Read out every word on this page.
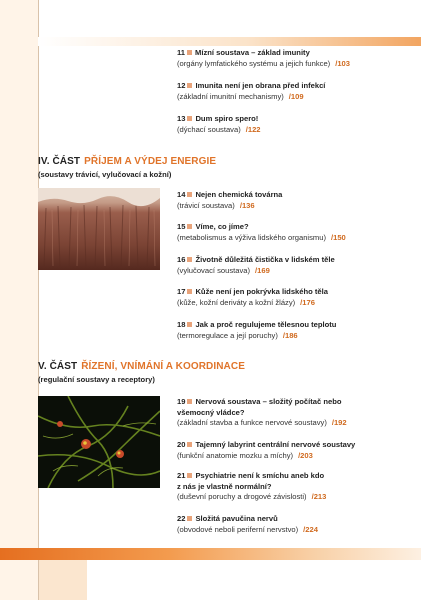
11 Mízní soustava – základ imunity
(orgány lymfatického systému a jejich funkce) /103
12 Imunita není jen obrana před infekcí
(základní imunitní mechanismy) /109
13 Dum spiro spero!
(dýchací soustava) /122
IV. ČÁST PŘÍJEM A VÝDEJ ENERGIE
(soustavy trávicí, vylučovací a kožní)
14 Nejen chemická továrna
(trávicí soustava) /136
15 Víme, co jíme?
(metabolismus a výživa lidského organismu) /150
16 Životně důležitá čistička v lidském těle
(vylučovací soustava) /169
17 Kůže není jen pokrývka lidského těla
(kůže, kožní deriváty a kožní žlázy) /176
18 Jak a proč regulujeme tělesnou teplotu
(termoregulace a její poruchy) /186
V. ČÁST ŘÍZENÍ, VNÍMÁNÍ A KOORDINACE
(regulační soustavy a receptory)
19 Nervová soustava – složitý počítač nebo
všemocný vládce?
(základní stavba a funkce nervové soustavy) /192
20 Tajemný labyrint centrální nervové soustavy
(funkční anatomie mozku a míchy) /203
21 Psychiatrie není k smíchu aneb kdo
z nás je vlastně normální?
(duševní poruchy a drogové závislosti) /213
22 Složitá pavučina nervů
(obvodové neboli periferní nervstvo) /224
